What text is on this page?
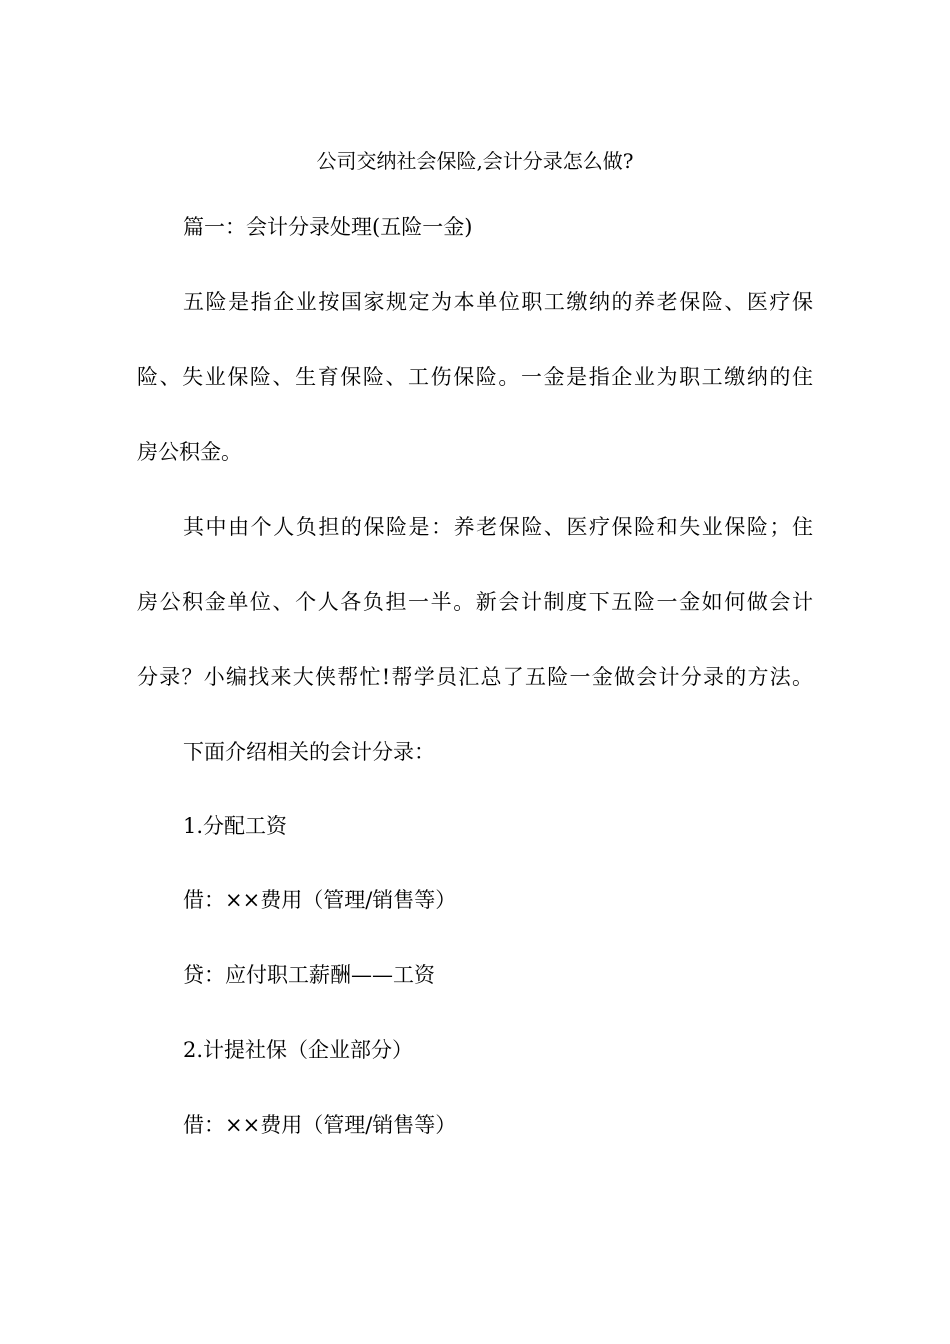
公司交纳社会保险,会计分录怎么做?
篇一：会计分录处理(五险一金)
五险是指企业按国家规定为本单位职工缴纳的养老保险、医疗保
险、失业保险、生育保险、工伤保险。一金是指企业为职工缴纳的住
房公积金。
其中由个人负担的保险是：养老保险、医疗保险和失业保险；住
房公积金单位、个人各负担一半。新会计制度下五险一金如何做会计
分录？小编找来大侠帮忙!帮学员汇总了五险一金做会计分录的方法。
下面介绍相关的会计分录：
1.分配工资
借：××费用（管理/销售等）
贷：应付职工薪酬——工资
2.计提社保（企业部分）
借：××费用（管理/销售等）
